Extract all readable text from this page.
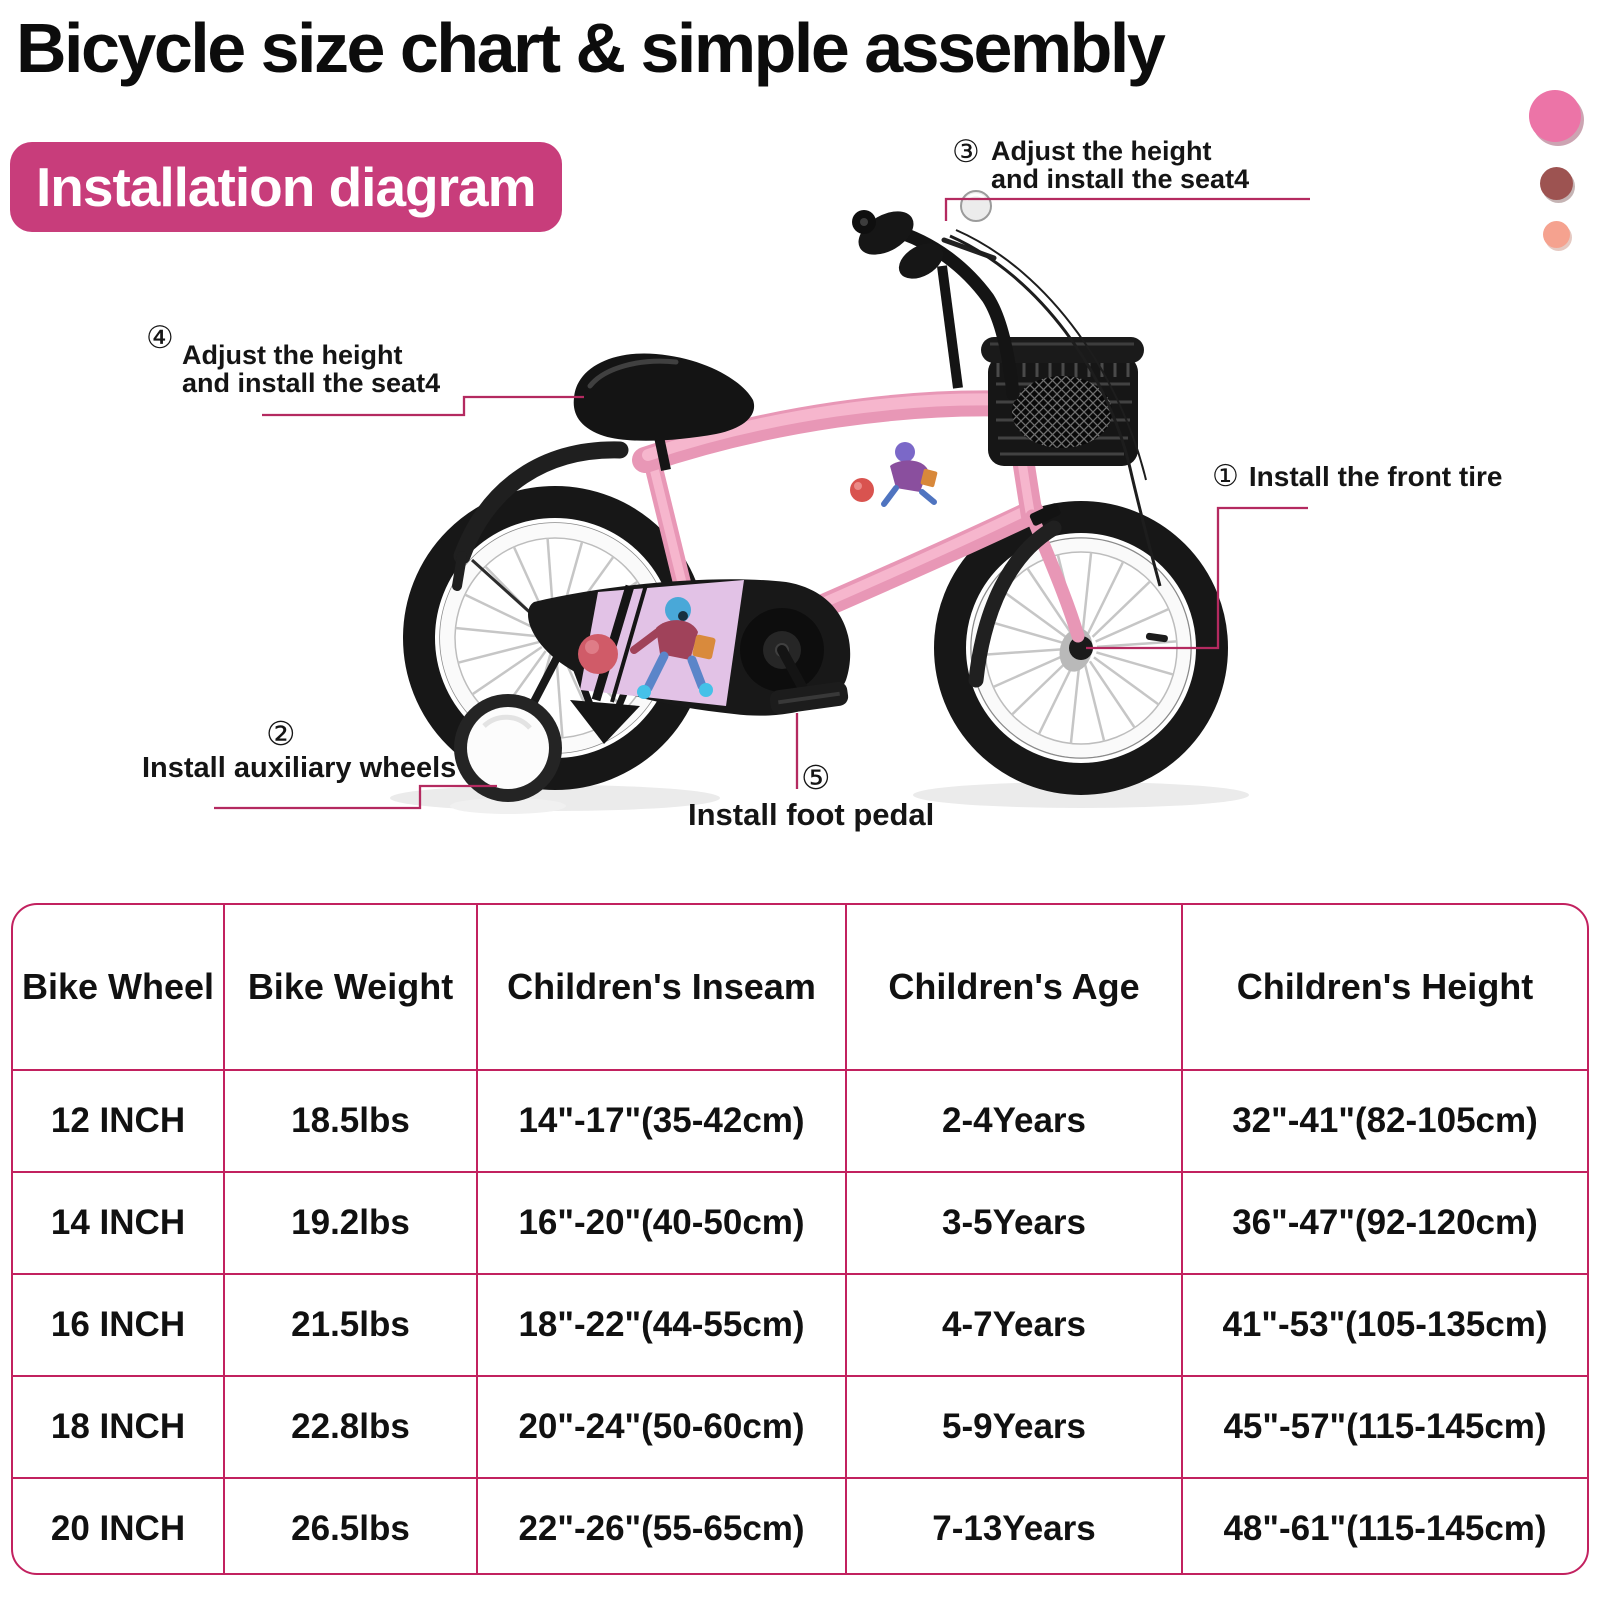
Bicycle size chart & simple assembly
Installation diagram
FKZNPJ
③ Adjust the height
and install the seat4
④ Adjust the height
and install the seat4
① Install the front tire
②
Install auxiliary wheels	⑤
Install foot pedal
Bike Wheel	Bike Weight	Children's Inseam	Children's Age	Children's Height
12 INCH	18.5lbs	14"-17"(35-42cm)	2-4Years	32"-41"(82-105cm)
14 INCH	19.2lbs	16"-20"(40-50cm)	3-5Years	36"-47"(92-120cm)
16 INCH	21.5lbs	18"-22"(44-55cm)	4-7Years	41"-53"(105-135cm)
18 INCH	22.8lbs	20"-24"(50-60cm)	5-9Years	45"-57"(115-145cm)
20 INCH	26.5lbs	22"-26"(55-65cm)	7-13Years	48"-61"(115-145cm)
